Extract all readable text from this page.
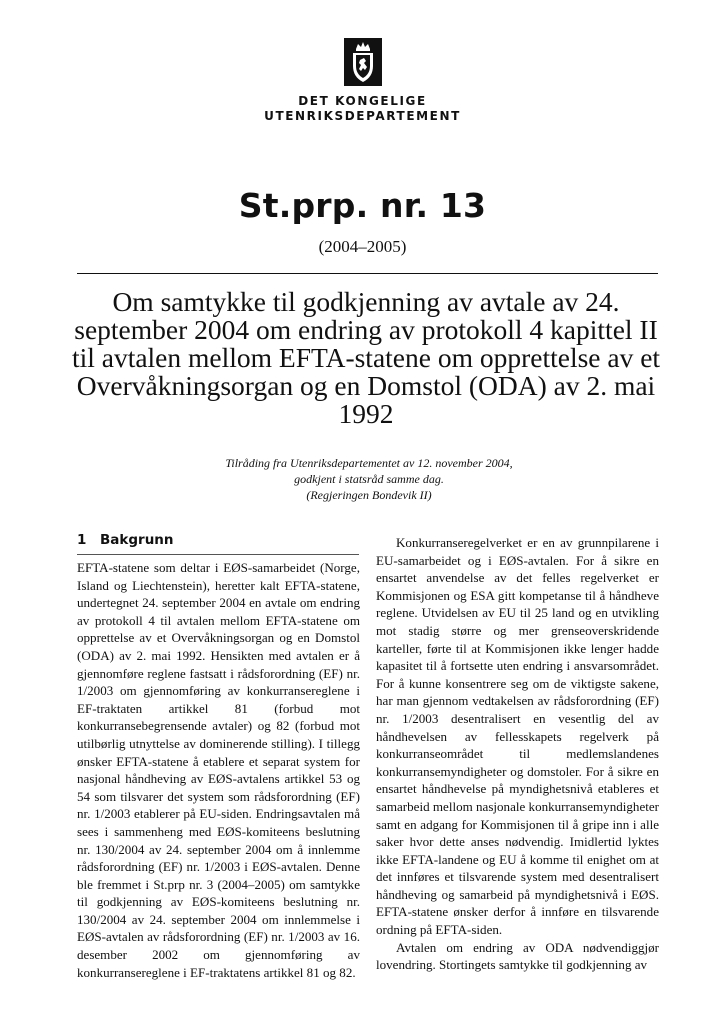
DET KONGELIGE
UTENRIKSDEPARTEMENT
St.prp. nr. 13
(2004–2005)
Om samtykke til godkjenning av avtale av 24. september 2004 om endring av protokoll 4 kapittel II til avtalen mellom EFTA-statene om opprettelse av et Overvåkningsorgan og en Domstol (ODA) av 2. mai 1992
Tilråding fra Utenriksdepartementet av 12. november 2004,
godkjent i statsråd samme dag.
(Regjeringen Bondevik II)
1 Bakgrunn

EFTA-statene som deltar i EØS-samarbeidet (Norge, Island og Liechtenstein), heretter kalt EFTA-statene, undertegnet 24. september 2004 en avtale om endring av protokoll 4 til avtalen mellom EFTA-statene om opprettelse av et Overvåkningsorgan og en Domstol (ODA) av 2. mai 1992. Hensikten med avtalen er å gjennomføre reglene fastsatt i rådsforordning (EF) nr. 1/2003 om gjennomføring av konkurransereglene i EF-traktaten artikkel 81 (forbud mot konkurransebegrensende avtaler) og 82 (forbud mot utilbørlig utnyttelse av dominerende stilling). I tillegg ønsker EFTA-statene å etablere et separat system for nasjonal håndheving av EØS-avtalens artikkel 53 og 54 som tilsvarer det system som rådsforordning (EF) nr. 1/2003 etablerer på EU-siden. Endringsavtalen må sees i sammenheng med EØS-komiteens beslutning nr. 130/2004 av 24. september 2004 om å innlemme rådsforordning (EF) nr. 1/2003 i EØS-avtalen. Denne ble fremmet i St.prp nr. 3 (2004–2005) om samtykke til godkjenning av EØS-komiteens beslutning nr. 130/2004 av 24. september 2004 om innlemmelse i EØS-avtalen av rådsforordning (EF) nr. 1/2003 av 16. desember 2002 om gjennomføring av konkurransereglene i EF-traktatens artikkel 81 og 82.

Konkurranseregelverket er en av grunnpilarene i EU-samarbeidet og i EØS-avtalen. For å sikre en ensartet anvendelse av det felles regelverket er Kommisjonen og ESA gitt kompetanse til å håndheve reglene. Utvidelsen av EU til 25 land og en utvikling mot stadig større og mer grenseoverskridende karteller, førte til at Kommisjonen ikke lenger hadde kapasitet til å fortsette uten endring i ansvarsområdet. For å kunne konsentrere seg om de viktigste sakene, har man gjennom vedtakelsen av rådsforordning (EF) nr. 1/2003 desentralisert en vesentlig del av håndhevelsen av fellesskapets regelverk på konkurranseområdet til medlemslandenes konkurransemyndigheter og domstoler. For å sikre en ensartet håndhevelse på myndighetsnivå etableres et samarbeid mellom nasjonale konkurransemyndigheter samt en adgang for Kommisjonen til å gripe inn i alle saker hvor dette anses nødvendig. Imidlertid lyktes ikke EFTA-landene og EU å komme til enighet om at det innføres et tilsvarende system med desentralisert håndheving og samarbeid på myndighetsnivå i EØS. EFTA-statene ønsker derfor å innføre en tilsvarende ordning på EFTA-siden.

Avtalen om endring av ODA nødvendiggjør lovendring. Stortingets samtykke til godkjenning av
